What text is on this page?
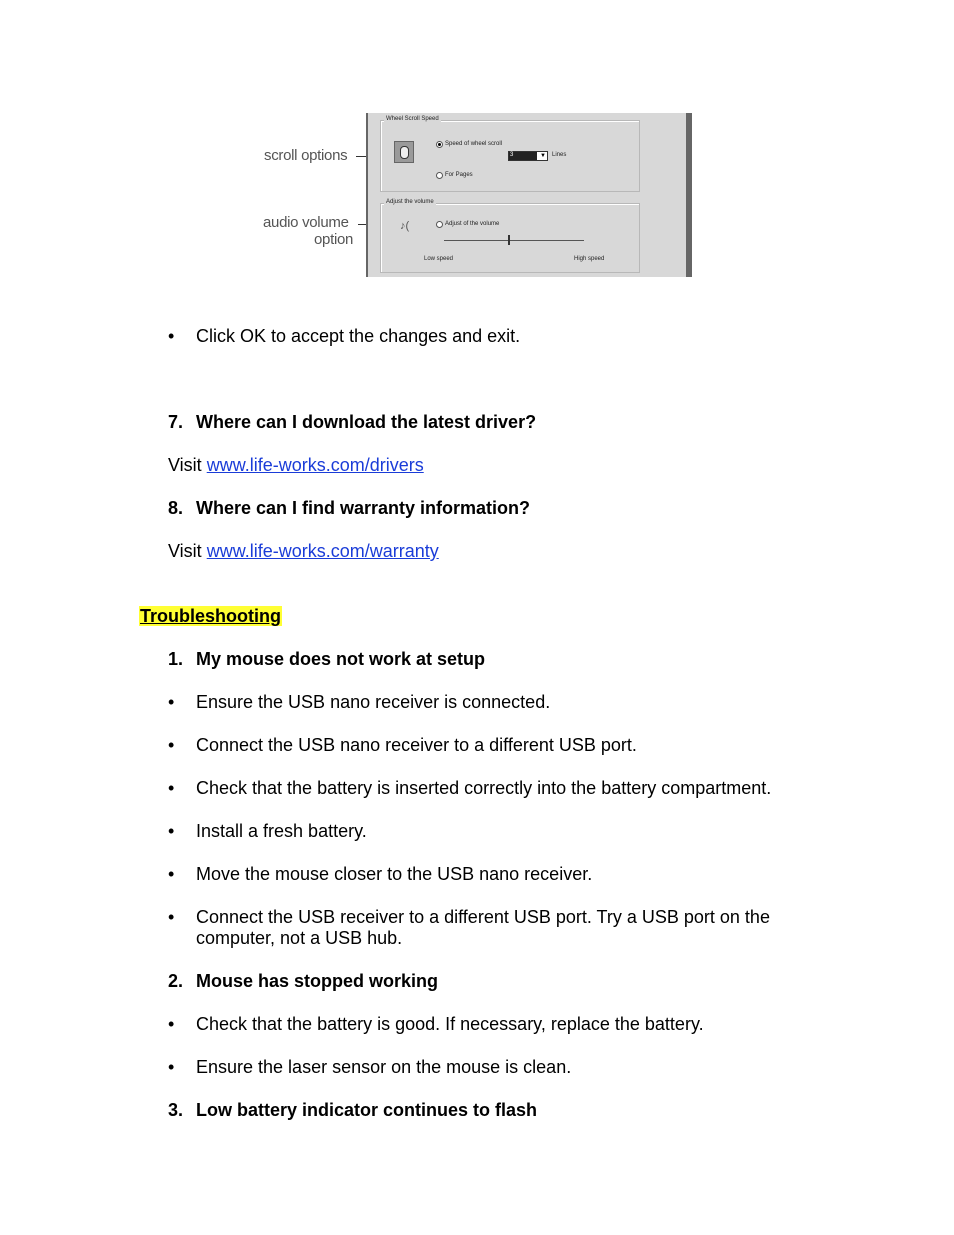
scroll options
audio volume
option
Wheel Scroll Speed
Speed of wheel scroll
3	▼ Lines
For Pages
Adjust the volume
♪(	Adjust of the volume
Low speed	High speed
• Click OK to accept the changes and exit.
7. Where can I download the latest driver?
Visit www.life-works.com/drivers
8. Where can I find warranty information?
Visit www.life-works.com/warranty
Troubleshooting
1. My mouse does not work at setup
• Ensure the USB nano receiver is connected.
• Connect the USB nano receiver to a different USB port.
• Check that the battery is inserted correctly into the battery compartment.
• Install a fresh battery.
• Move the mouse closer to the USB nano receiver.
• Connect the USB receiver to a different USB port. Try a USB port on the
computer, not a USB hub.
2. Mouse has stopped working
• Check that the battery is good. If necessary, replace the battery.
• Ensure the laser sensor on the mouse is clean.
3. Low battery indicator continues to flash
